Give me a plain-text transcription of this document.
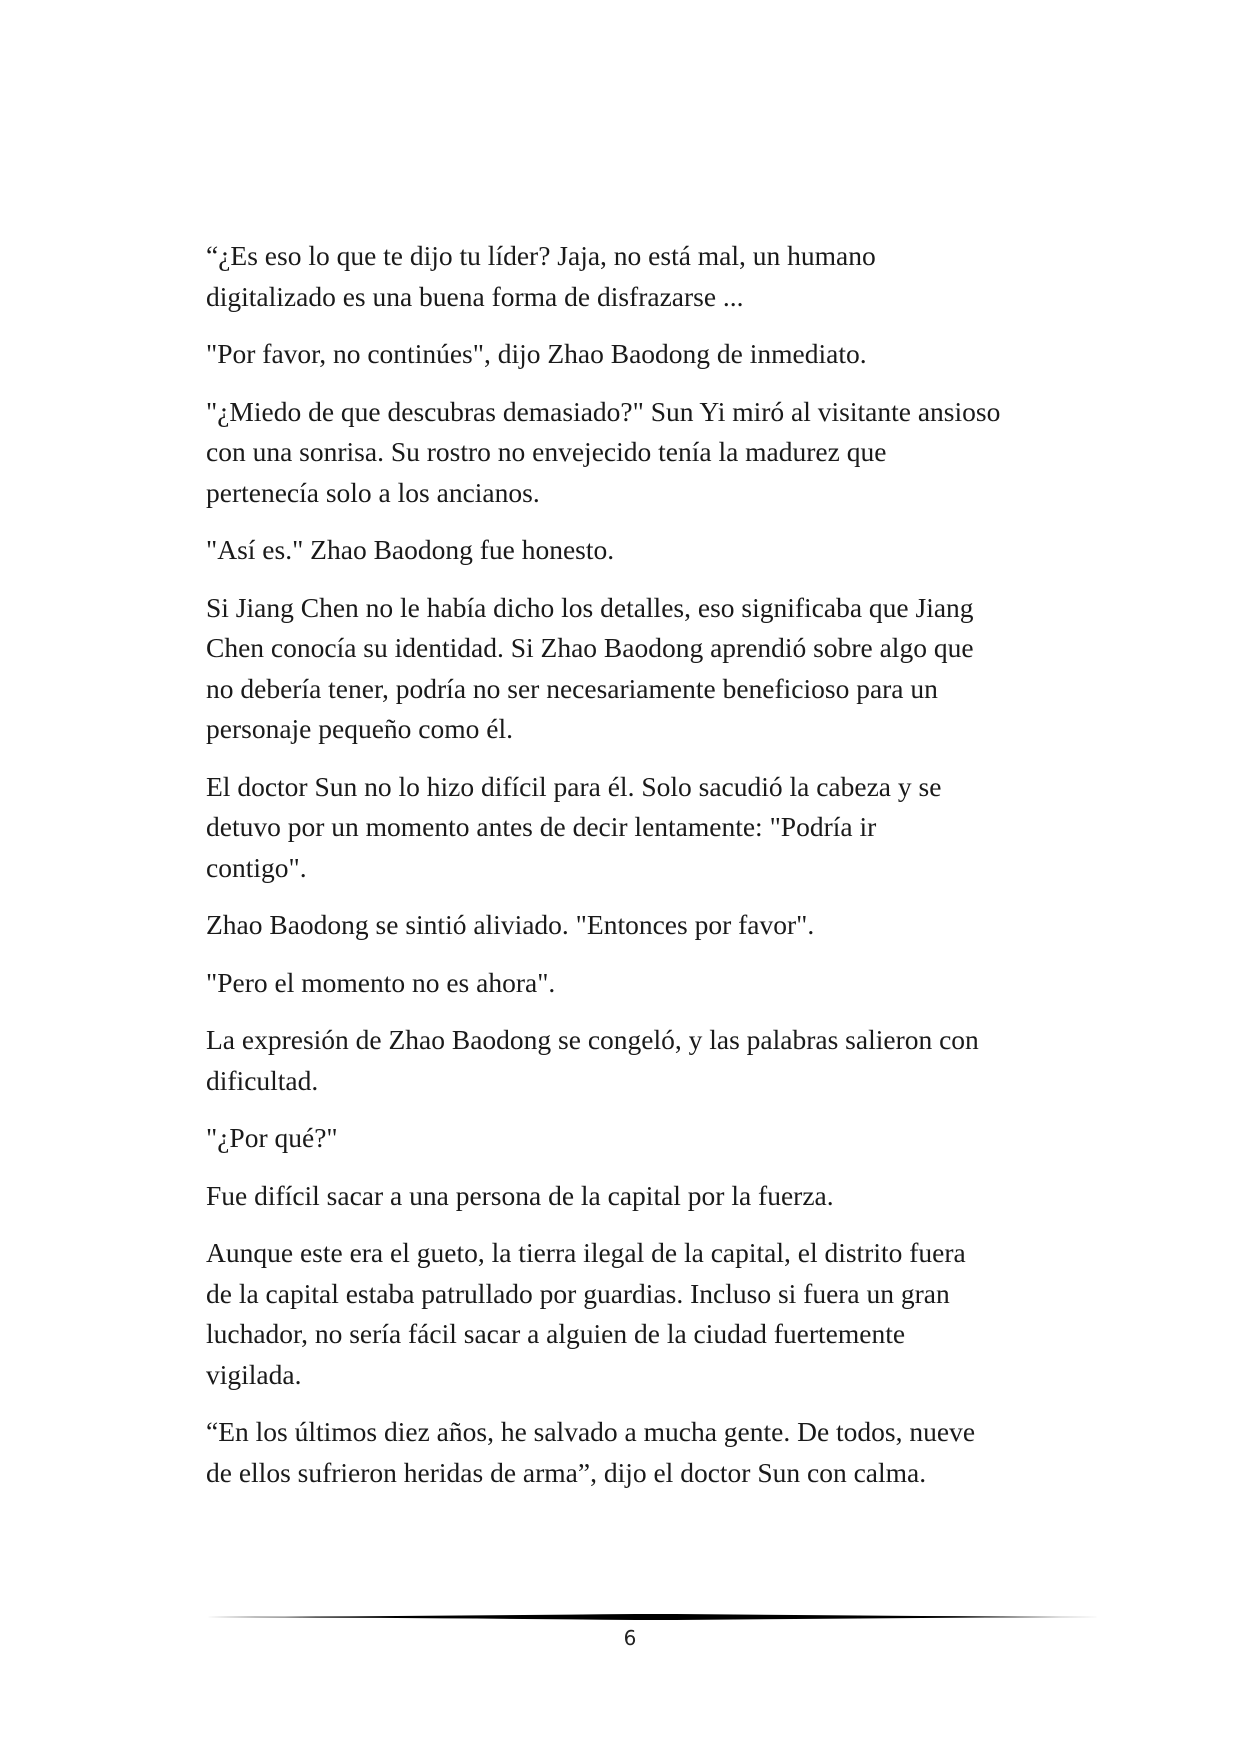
“¿Es eso lo que te dijo tu líder? Jaja, no está mal, un humano
digitalizado es una buena forma de disfrazarse ...

"Por favor, no continúes", dijo Zhao Baodong de inmediato.

"¿Miedo de que descubras demasiado?" Sun Yi miró al visitante ansioso
con una sonrisa. Su rostro no envejecido tenía la madurez que
pertenecía solo a los ancianos.

"Así es." Zhao Baodong fue honesto.

Si Jiang Chen no le había dicho los detalles, eso significaba que Jiang
Chen conocía su identidad. Si Zhao Baodong aprendió sobre algo que
no debería tener, podría no ser necesariamente beneficioso para un
personaje pequeño como él.

El doctor Sun no lo hizo difícil para él. Solo sacudió la cabeza y se
detuvo por un momento antes de decir lentamente: "Podría ir
contigo".

Zhao Baodong se sintió aliviado. "Entonces por favor".

"Pero el momento no es ahora".

La expresión de Zhao Baodong se congeló, y las palabras salieron con
dificultad.

"¿Por qué?"

Fue difícil sacar a una persona de la capital por la fuerza.

Aunque este era el gueto, la tierra ilegal de la capital, el distrito fuera
de la capital estaba patrullado por guardias. Incluso si fuera un gran
luchador, no sería fácil sacar a alguien de la ciudad fuertemente
vigilada.

“En los últimos diez años, he salvado a mucha gente. De todos, nueve
de ellos sufrieron heridas de arma”, dijo el doctor Sun con calma.

6
